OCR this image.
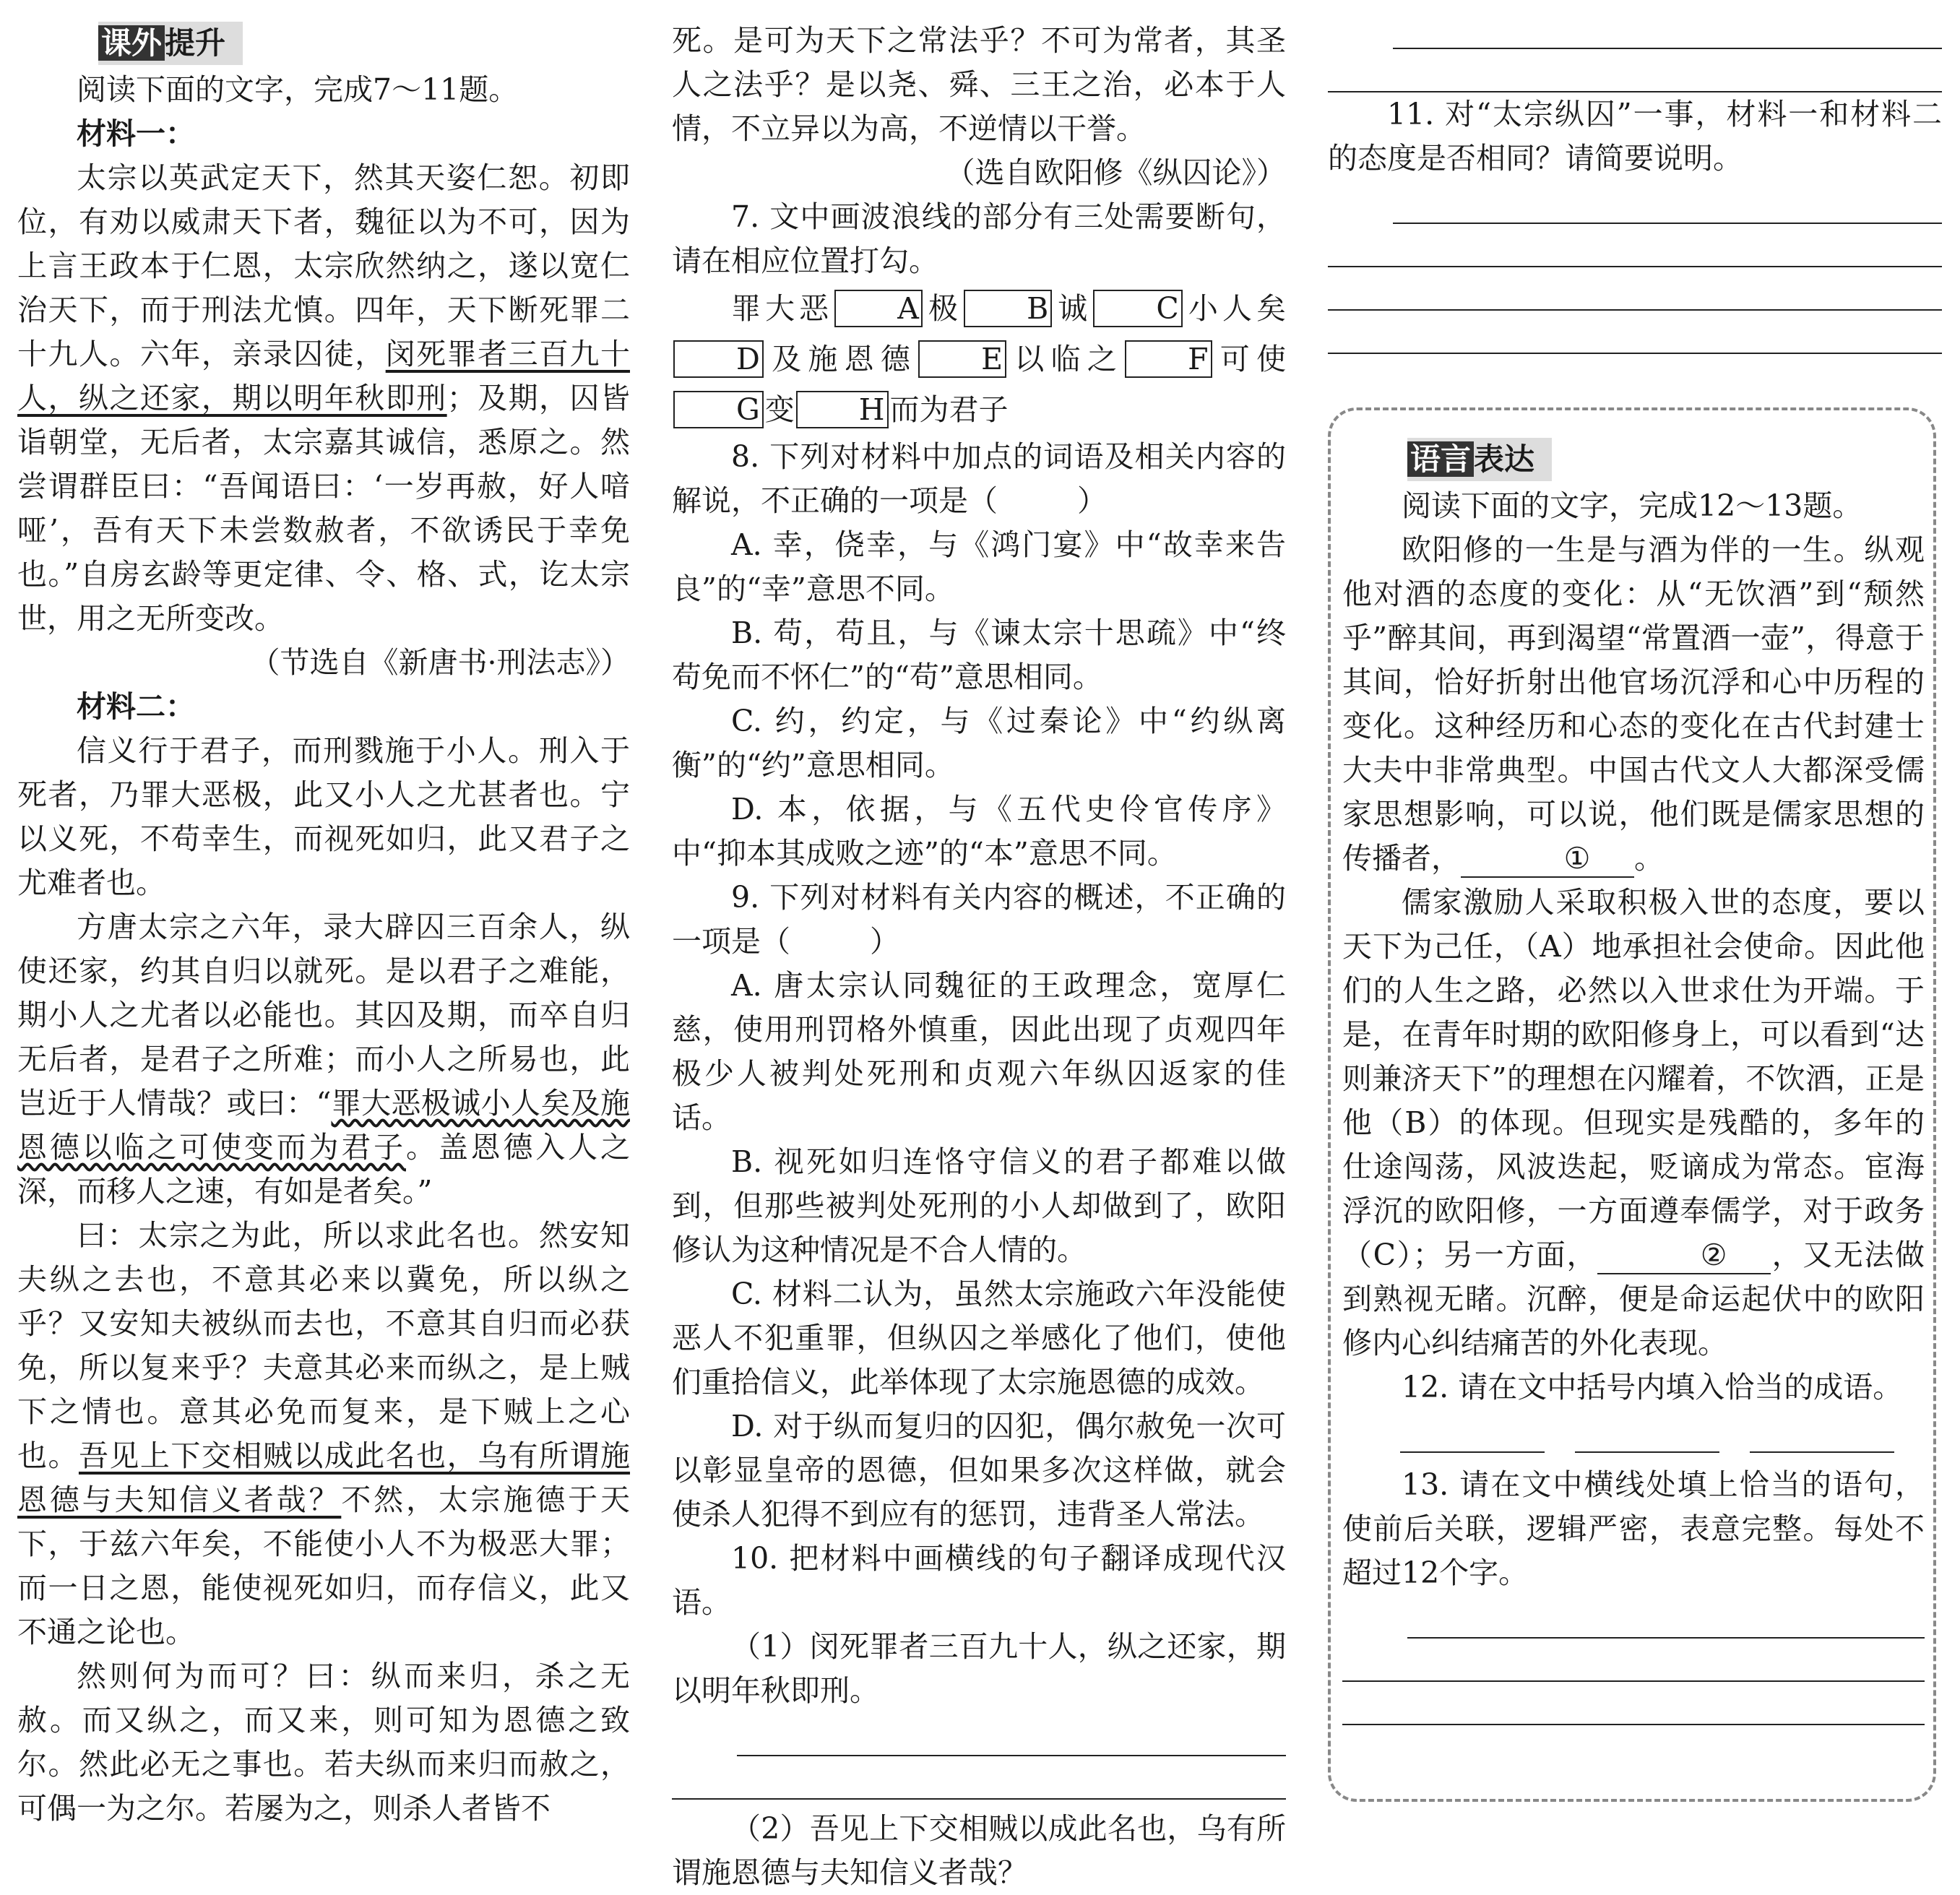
课外提升

阅读下面的文字，完成7～11题。

材料一：

太宗以英武定天下，然其天姿仁恕。初即位，有劝以威肃天下者，魏征以为不可，因为上言王政本于仁恩，太宗欣然纳之，遂以宽仁治天下，而于刑法尤慎。四年，天下断死罪二十九人。六年，亲录囚徒，闵死罪者三百九十人，纵之还家，期以明年秋即刑；及期，囚皆诣朝堂，无后者，太宗嘉其诚信，悉原之。然尝谓群臣曰：“吾闻语曰：‘一岁再赦，好人喑哑’，吾有天下未尝数赦者，不欲诱民于幸免也。”自房玄龄等更定律、令、格、式，讫太宗世，用之无所变改。

（节选自《新唐书·刑法志》）

材料二：

信义行于君子，而刑戮施于小人。刑入于死者，乃罪大恶极，此又小人之尤甚者也。宁以义死，不苟幸生，而视死如归，此又君子之尤难者也。

方唐太宗之六年，录大辟囚三百余人，纵使还家，约其自归以就死。是以君子之难能，期小人之尤者以必能也。其囚及期，而卒自归无后者，是君子之所难；而小人之所易也，此岂近于人情哉？或曰：“罪大恶极诚小人矣及施恩德以临之可使变而为君子。盖恩德入人之深，而移人之速，有如是者矣。”

曰：太宗之为此，所以求此名也。然安知夫纵之去也，不意其必来以冀免，所以纵之乎？又安知夫被纵而去也，不意其自归而必获免，所以复来乎？夫意其必来而纵之，是上贼下之情也。意其必免而复来，是下贼上之心也。吾见上下交相贼以成此名也，乌有所谓施恩德与夫知信义者哉？不然，太宗施德于天下，于兹六年矣，不能使小人不为极恶大罪；而一日之恩，能使视死如归，而存信义，此又不通之论也。

然则何为而可？曰：纵而来归，杀之无赦。而又纵之，而又来，则可知为恩德之致尔。然此必无之事也。若夫纵而来归而赦之，可偶一为之尔。若屡为之，则杀人者皆不

死。是可为天下之常法乎？不可为常者，其圣人之法乎？是以尧、舜、三王之治，必本于人情，不立异以为高，不逆情以干誉。

（选自欧阳修《纵囚论》）

7. 文中画波浪线的部分有三处需要断句，请在相应位置打勾。

罪大恶 A 极 B 诚 C 小人矣D 及施恩德 E 以临之 F 可使G 变 H 而为君子

8. 下列对材料中加点的词语及相关内容的解说，不正确的一项是（	）

A. 幸，侥幸，与《鸿门宴》中“故幸来告良”的“幸”意思不同。

B. 苟，苟且，与《谏太宗十思疏》中“终苟免而不怀仁”的“苟”意思相同。

C. 约，约定，与《过秦论》中“约纵离衡”的“约”意思相同。

D. 本，依据，与《五代史伶官传序》中“抑本其成败之迹”的“本”意思不同。

9. 下列对材料有关内容的概述，不正确的一项是（	）

A. 唐太宗认同魏征的王政理念，宽厚仁慈，使用刑罚格外慎重，因此出现了贞观四年极少人被判处死刑和贞观六年纵囚返家的佳话。

B. 视死如归连恪守信义的君子都难以做到，但那些被判处死刑的小人却做到了，欧阳修认为这种情况是不合人情的。

C. 材料二认为，虽然太宗施政六年没能使恶人不犯重罪，但纵囚之举感化了他们，使他们重拾信义，此举体现了太宗施恩德的成效。

D. 对于纵而复归的囚犯，偶尔赦免一次可以彰显皇帝的恩德，但如果多次这样做，就会使杀人犯得不到应有的惩罚，违背圣人常法。

10. 把材料中画横线的句子翻译成现代汉语。

（1）闵死罪者三百九十人，纵之还家，期以明年秋即刑。

（2）吾见上下交相贼以成此名也，乌有所谓施恩德与夫知信义者哉？

11. 对“太宗纵囚”一事，材料一和材料二的态度是否相同？请简要说明。

语言表达

阅读下面的文字，完成12～13题。

欧阳修的一生是与酒为伴的一生。纵观他对酒的态度的变化：从“无饮酒”到“颓然乎”醉其间，再到渴望“常置酒一壶”，得意于其间，恰好折射出他官场沉浮和心中历程的变化。这种经历和心态的变化在古代封建士大夫中非常典型。中国古代文人大都深受儒家思想影响，可以说，他们既是儒家思想的传播者，	① 。

儒家激励人采取积极入世的态度，要以天下为己任，（A）地承担社会使命。因此他们的人生之路，必然以入世求仕为开端。于是，在青年时期的欧阳修身上，可以看到“达则兼济天下”的理想在闪耀着，不饮酒，正是他（B）的体现。但现实是残酷的，多年的仕途闯荡，风波迭起，贬谪成为常态。宦海浮沉的欧阳修，一方面遵奉儒学，对于政务（C）；另一方面，	② ，又无法做到熟视无睹。沉醉，便是命运起伏中的欧阳修内心纠结痛苦的外化表现。

12. 请在文中括号内填入恰当的成语。

13. 请在文中横线处填上恰当的语句，使前后关联，逻辑严密，表意完整。每处不超过12个字。
